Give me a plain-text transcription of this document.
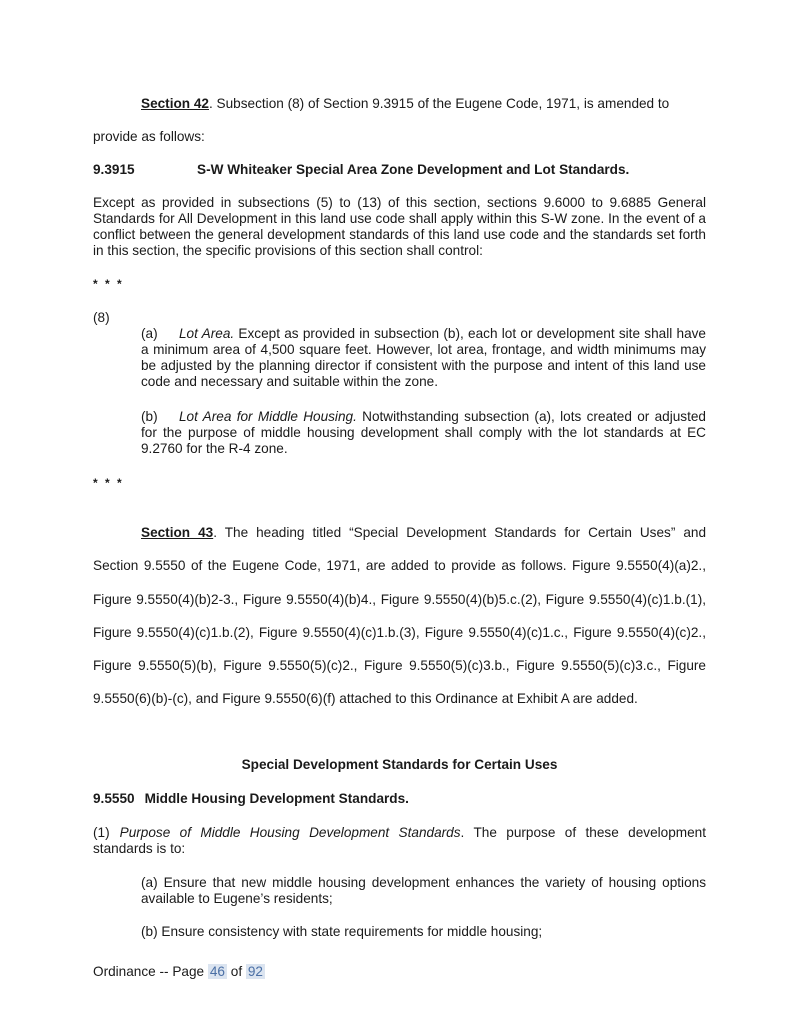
Section 42. Subsection (8) of Section 9.3915 of the Eugene Code, 1971, is amended to provide as follows:

9.3915	S-W Whiteaker Special Area Zone Development and Lot Standards.

Except as provided in subsections (5) to (13) of this section, sections 9.6000 to 9.6885 General Standards for All Development in this land use code shall apply within this S-W zone. In the event of a conflict between the general development standards of this land use code and the standards set forth in this section, the specific provisions of this section shall control:

* * *

(8)

(a) Lot Area. Except as provided in subsection (b), each lot or development site shall have a minimum area of 4,500 square feet. However, lot area, frontage, and width minimums may be adjusted by the planning director if consistent with the purpose and intent of this land use code and necessary and suitable within the zone.

(b) Lot Area for Middle Housing. Notwithstanding subsection (a), lots created or adjusted for the purpose of middle housing development shall comply with the lot standards at EC 9.2760 for the R-4 zone.

* * *

Section 43. The heading titled “Special Development Standards for Certain Uses” and Section 9.5550 of the Eugene Code, 1971, are added to provide as follows. Figure 9.5550(4)(a)2., Figure 9.5550(4)(b)2-3., Figure 9.5550(4)(b)4., Figure 9.5550(4)(b)5.c.(2), Figure 9.5550(4)(c)1.b.(1), Figure 9.5550(4)(c)1.b.(2), Figure 9.5550(4)(c)1.b.(3), Figure 9.5550(4)(c)1.c., Figure 9.5550(4)(c)2., Figure 9.5550(5)(b), Figure 9.5550(5)(c)2., Figure 9.5550(5)(c)3.b., Figure 9.5550(5)(c)3.c., Figure 9.5550(6)(b)-(c), and Figure 9.5550(6)(f) attached to this Ordinance at Exhibit A are added.

Special Development Standards for Certain Uses

9.5550 Middle Housing Development Standards.

(1) Purpose of Middle Housing Development Standards. The purpose of these development standards is to:

(a) Ensure that new middle housing development enhances the variety of housing options available to Eugene’s residents;

(b) Ensure consistency with state requirements for middle housing;

Ordinance -- Page 46 of 92
